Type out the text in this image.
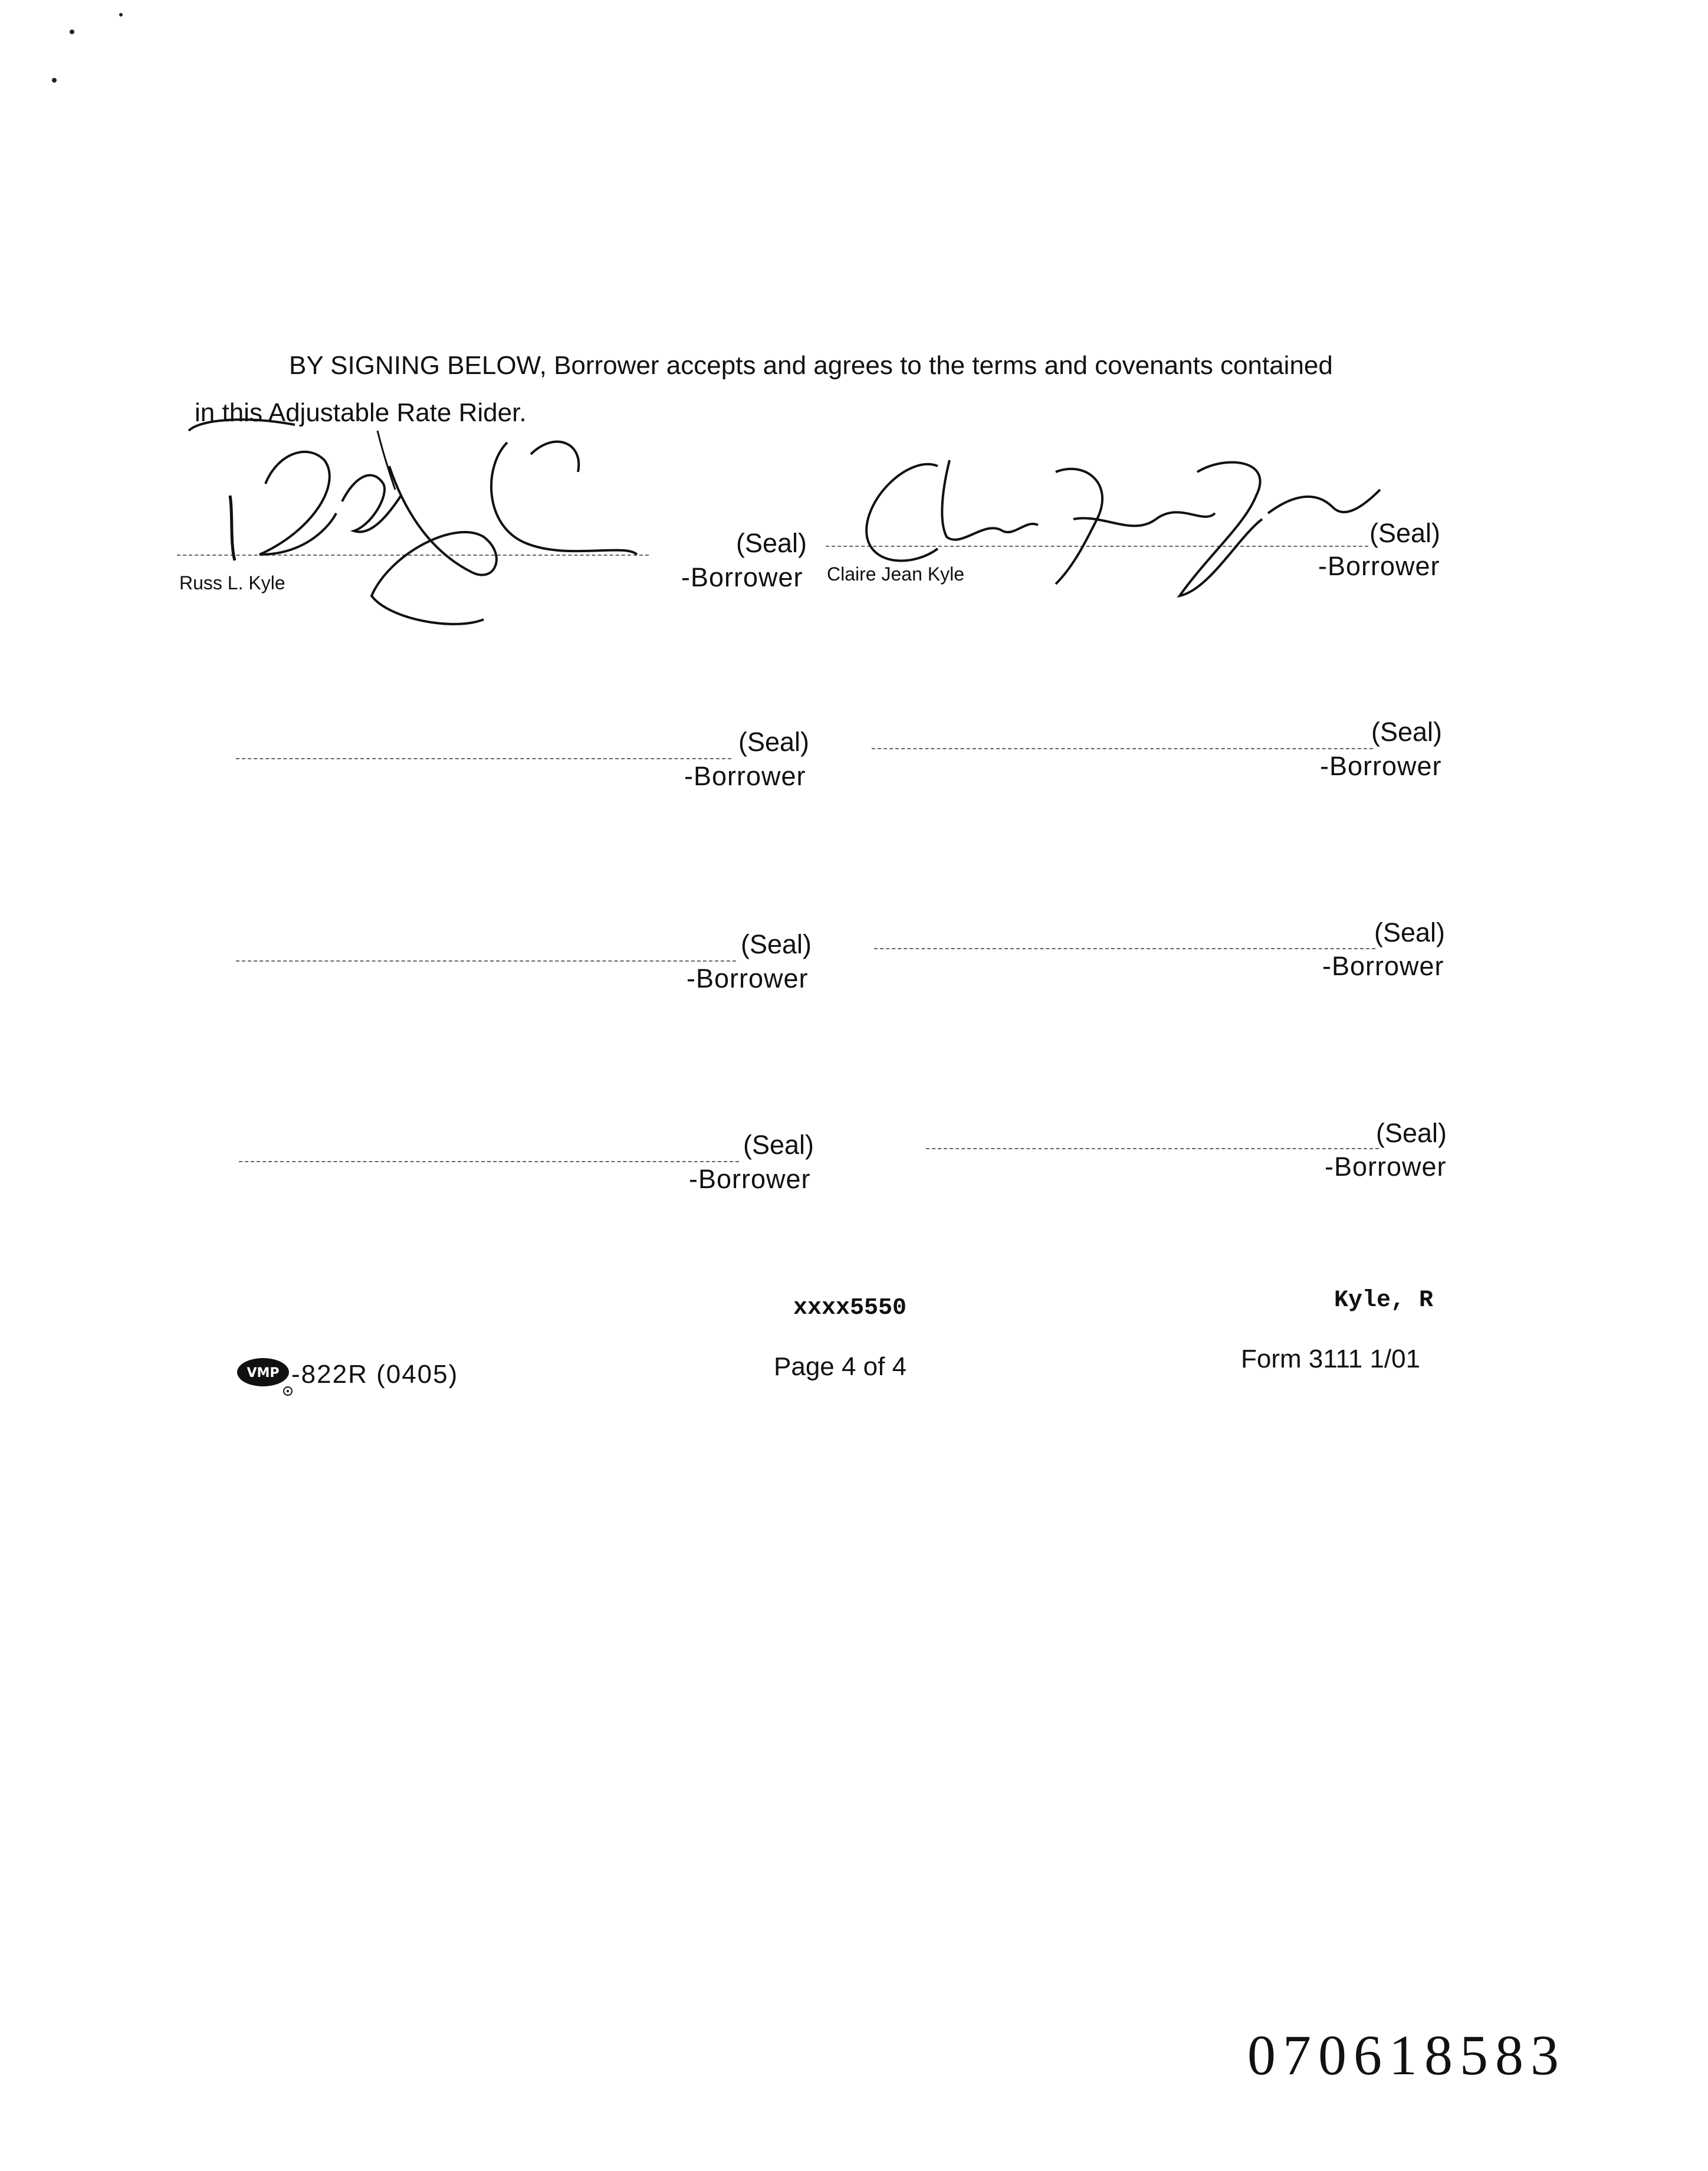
BY SIGNING BELOW, Borrower accepts and agrees to the terms and covenants contained
in this Adjustable Rate Rider.
Russ L. Kyle
(Seal)
-Borrower Claire Jean Kyle
(Seal)
-Borrower
(Seal)
-Borrower
(Seal)
-Borrower
(Seal)
-Borrower
(Seal)
-Borrower
(Seal)
-Borrower
(Seal)
-Borrower
xxxx5550	Kyle, R
VMP -822R (0405)	Page 4 of 4	Form 3111 1/01
070618583
